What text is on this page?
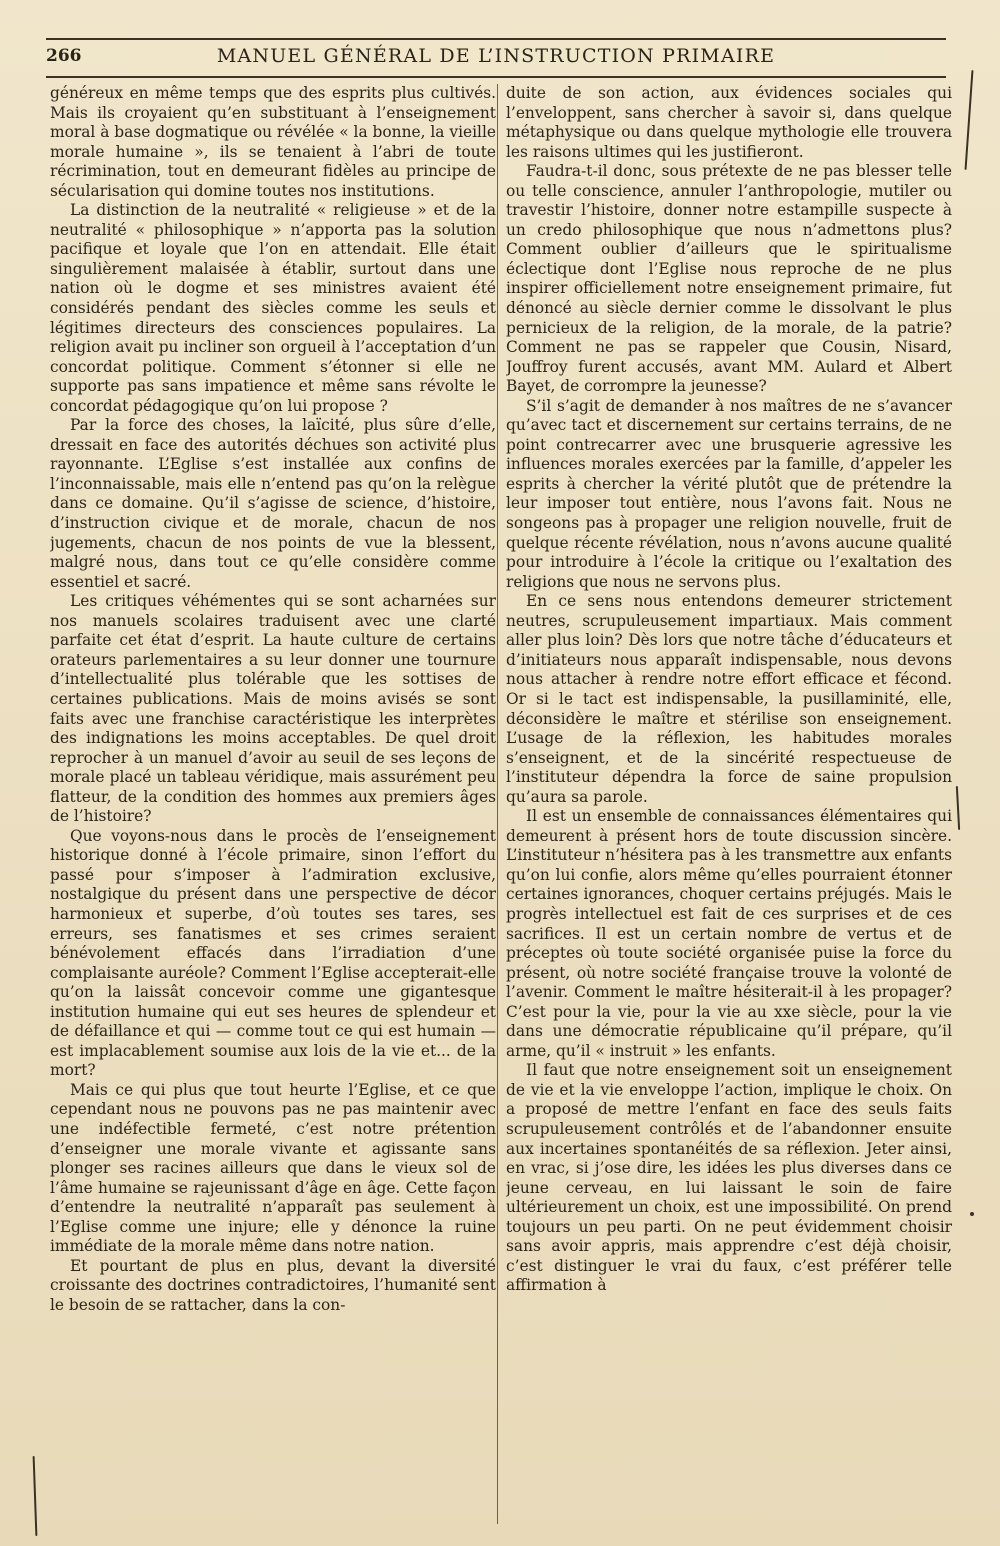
266	MANUEL GÉNÉRAL DE L’INSTRUCTION PRIMAIRE

généreux en même temps que des esprits plus cultivés. Mais ils croyaient qu’en substituant à l’enseignement moral à base dogmatique ou révélée « la bonne, la vieille morale humaine », ils se tenaient à l’abri de toute récrimination, tout en demeurant fidèles au principe de sécularisation qui domine toutes nos institutions.

La distinction de la neutralité « religieuse » et de la neutralité « philosophique » n’apporta pas la solution pacifique et loyale que l’on en attendait. Elle était singulièrement malaisée à établir, surtout dans une nation où le dogme et ses ministres avaient été considérés pendant des siècles comme les seuls et légitimes directeurs des consciences populaires. La religion avait pu incliner son orgueil à l’acceptation d’un concordat politique. Comment s’étonner si elle ne supporte pas sans impatience et même sans révolte le concordat pédagogique qu’on lui propose ?

Par la force des choses, la laïcité, plus sûre d’elle, dressait en face des autorités déchues son activité plus rayonnante. L’Eglise s’est installée aux confins de l’inconnaissable, mais elle n’entend pas qu’on la relègue dans ce domaine. Qu’il s’agisse de science, d’histoire, d’instruction civique et de morale, chacun de nos jugements, chacun de nos points de vue la blessent, malgré nous, dans tout ce qu’elle considère comme essentiel et sacré.

Les critiques véhémentes qui se sont acharnées sur nos manuels scolaires traduisent avec une clarté parfaite cet état d’esprit. La haute culture de certains orateurs parlementaires a su leur donner une tournure d’intellectualité plus tolérable que les sottises de certaines publications. Mais de moins avisés se sont faits avec une franchise caractéristique les interprètes des indignations les moins acceptables. De quel droit reprocher à un manuel d’avoir au seuil de ses leçons de morale placé un tableau véridique, mais assurément peu flatteur, de la condition des hommes aux premiers âges de l’histoire?

Que voyons-nous dans le procès de l’enseignement historique donné à l’école primaire, sinon l’effort du passé pour s’imposer à l’admiration exclusive, nostalgique du présent dans une perspective de décor harmonieux et superbe, d’où toutes ses tares, ses erreurs, ses fanatismes et ses crimes seraient bénévolement effacés dans l’irradiation d’une complaisante auréole? Comment l’Eglise accepterait-elle qu’on la laissât concevoir comme une gigantesque institution humaine qui eut ses heures de splendeur et de défaillance et qui — comme tout ce qui est humain — est implacablement soumise aux lois de la vie et... de la mort?

Mais ce qui plus que tout heurte l’Eglise, et ce que cependant nous ne pouvons pas ne pas maintenir avec une indéfectible fermeté, c’est notre prétention d’enseigner une morale vivante et agissante sans plonger ses racines ailleurs que dans le vieux sol de l’âme humaine se rajeunissant d’âge en âge. Cette façon d’entendre la neutralité n’apparaît pas seulement à l’Eglise comme une injure; elle y dénonce la ruine immédiate de la morale même dans notre nation.

Et pourtant de plus en plus, devant la diversité croissante des doctrines contradictoires, l’humanité sent le besoin de se rattacher, dans la con-

duite de son action, aux évidences sociales qui l’enveloppent, sans chercher à savoir si, dans quelque métaphysique ou dans quelque mythologie elle trouvera les raisons ultimes qui les justifieront.

Faudra-t-il donc, sous prétexte de ne pas blesser telle ou telle conscience, annuler l’anthropologie, mutiler ou travestir l’histoire, donner notre estampille suspecte à un credo philosophique que nous n’admettons plus? Comment oublier d’ailleurs que le spiritualisme éclectique dont l’Eglise nous reproche de ne plus inspirer officiellement notre enseignement primaire, fut dénoncé au siècle dernier comme le dissolvant le plus pernicieux de la religion, de la morale, de la patrie? Comment ne pas se rappeler que Cousin, Nisard, Jouffroy furent accusés, avant MM. Aulard et Albert Bayet, de corrompre la jeunesse?

S’il s’agit de demander à nos maîtres de ne s’avancer qu’avec tact et discernement sur certains terrains, de ne point contrecarrer avec une brusquerie agressive les influences morales exercées par la famille, d’appeler les esprits à chercher la vérité plutôt que de prétendre la leur imposer tout entière, nous l’avons fait. Nous ne songeons pas à propager une religion nouvelle, fruit de quelque récente révélation, nous n’avons aucune qualité pour introduire à l’école la critique ou l’exaltation des religions que nous ne servons plus.

En ce sens nous entendons demeurer strictement neutres, scrupuleusement impartiaux. Mais comment aller plus loin? Dès lors que notre tâche d’éducateurs et d’initiateurs nous apparaît indispensable, nous devons nous attacher à rendre notre effort efficace et fécond. Or si le tact est indispensable, la pusillaminité, elle, déconsidère le maître et stérilise son enseignement. L’usage de la réflexion, les habitudes morales s’enseignent, et de la sincérité respectueuse de l’instituteur dépendra la force de saine propulsion qu’aura sa parole.

Il est un ensemble de connaissances élémentaires qui demeurent à présent hors de toute discussion sincère. L’instituteur n’hésitera pas à les transmettre aux enfants qu’on lui confie, alors même qu’elles pourraient étonner certaines ignorances, choquer certains préjugés. Mais le progrès intellectuel est fait de ces surprises et de ces sacrifices. Il est un certain nombre de vertus et de préceptes où toute société organisée puise la force du présent, où notre société française trouve la volonté de l’avenir. Comment le maître hésiterait-il à les propager? C’est pour la vie, pour la vie au xxe siècle, pour la vie dans une démocratie républicaine qu’il prépare, qu’il arme, qu’il « instruit » les enfants.

Il faut que notre enseignement soit un enseignement de vie et la vie enveloppe l’action, implique le choix. On a proposé de mettre l’enfant en face des seuls faits scrupuleusement contrôlés et de l’abandonner ensuite aux incertaines spontanéités de sa réflexion. Jeter ainsi, en vrac, si j’ose dire, les idées les plus diverses dans ce jeune cerveau, en lui laissant le soin de faire ultérieurement un choix, est une impossibilité. On prend toujours un peu parti. On ne peut évidemment choisir sans avoir appris, mais apprendre c’est déjà choisir, c’est distinguer le vrai du faux, c’est préférer telle affirmation à
